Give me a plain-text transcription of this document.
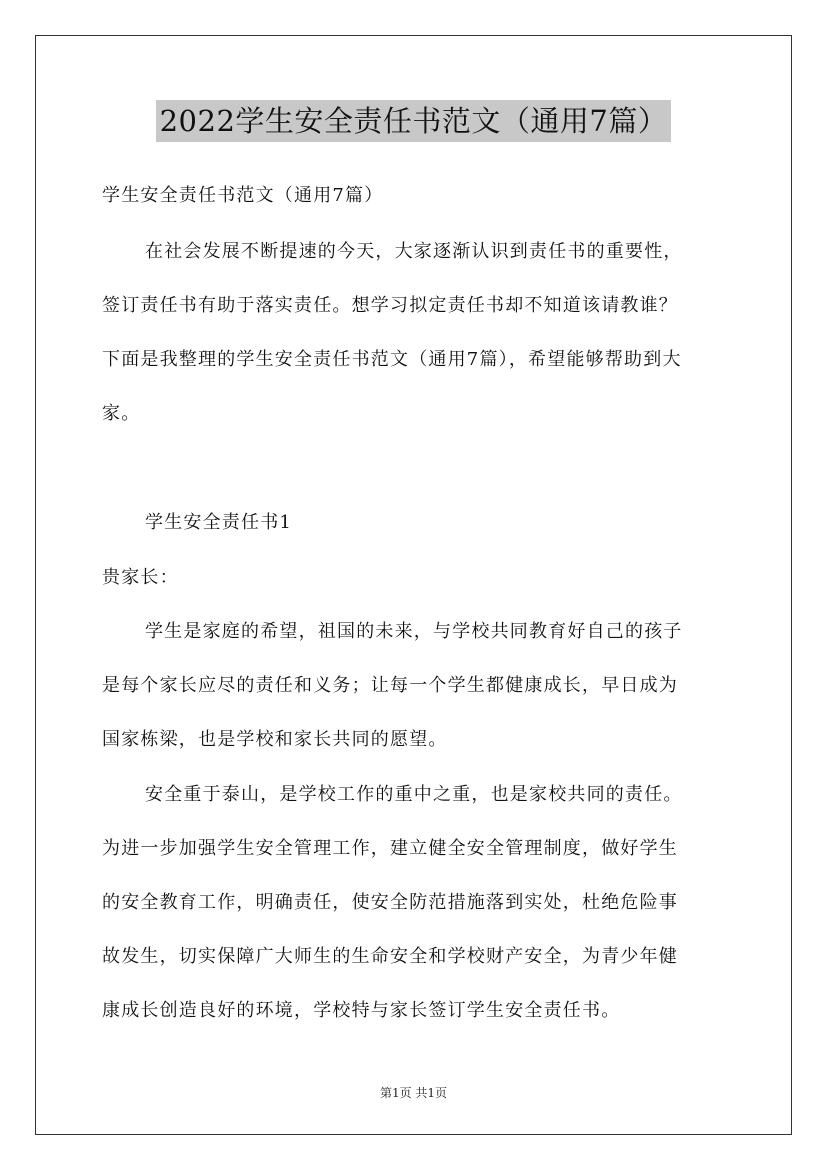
2022学生安全责任书范文（通用7篇）
学生安全责任书范文（通用7篇）
在社会发展不断提速的今天，大家逐渐认识到责任书的重要性，
签订责任书有助于落实责任。想学习拟定责任书却不知道该请教谁？
下面是我整理的学生安全责任书范文（通用7篇），希望能够帮助到大
家。
学生安全责任书1
贵家长：
学生是家庭的希望，祖国的未来，与学校共同教育好自己的孩子
是每个家长应尽的责任和义务；让每一个学生都健康成长，早日成为
国家栋梁，也是学校和家长共同的愿望。
安全重于泰山，是学校工作的重中之重，也是家校共同的责任。
为进一步加强学生安全管理工作，建立健全安全管理制度，做好学生
的安全教育工作，明确责任，使安全防范措施落到实处，杜绝危险事
故发生，切实保障广大师生的生命安全和学校财产安全，为青少年健
康成长创造良好的环境，学校特与家长签订学生安全责任书。
第1页 共1页
